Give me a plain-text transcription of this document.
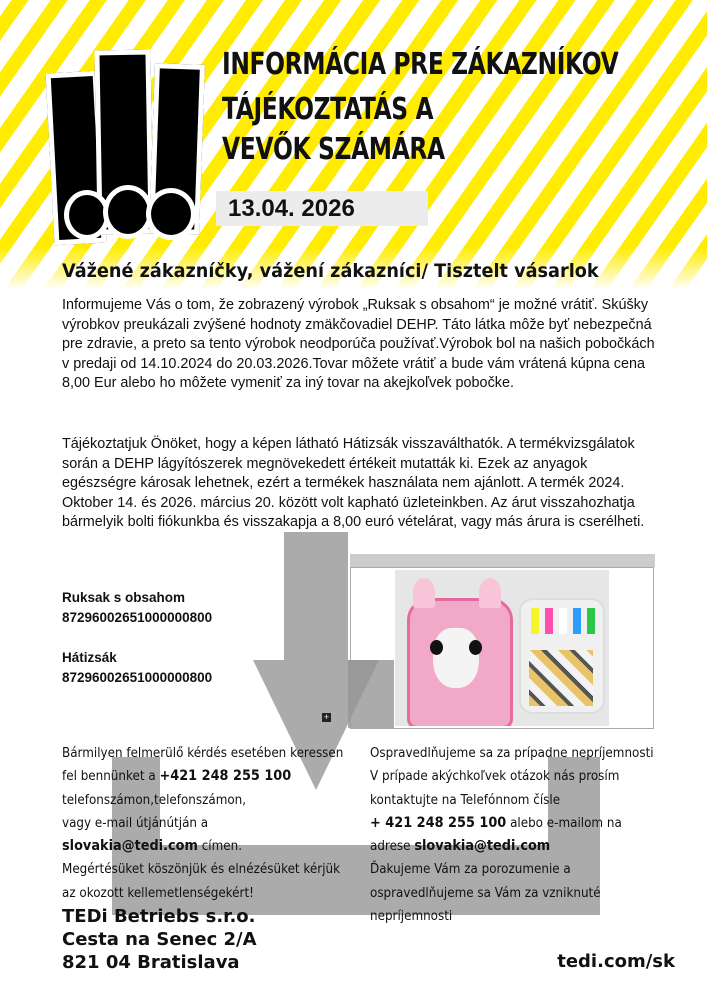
INFORMÁCIA PRE ZÁKAZNÍKOV
TÁJÉKOZTATÁS A
VEVŐK SZÁMÁRA
13.04. 2026
Vážené zákazníčky, vážení zákazníci/ Tisztelt vásarlok
Informujeme Vás o tom, že zobrazený výrobok „Ruksak s obsahom“ je možné vrátiť. Skúšky výrobkov preukázali zvýšené hodnoty zmäkčovadiel DEHP. Táto látka môže byť nebezpečná pre zdravie, a preto sa tento výrobok neodporúča používať.Výrobok bol na našich pobočkách v predaji od 14.10.2024 do 20.03.2026.Tovar môžete vrátiť a bude vám vrátená kúpna cena 8,00 Eur alebo ho môžete vymeniť za iný tovar na akejkoľvek pobočke.
Tájékoztatjuk Önöket, hogy a képen látható Hátizsák visszaválthatók. A termékvizsgálatok során a DEHP lágyítószerek megnövekedett értékeit mutatták ki. Ezek az anyagok egészségre károsak lehetnek, ezért a termékek használata nem ajánlott. A termék 2024. Oktober 14. és 2026. március 20. között volt kapható üzleteinkben. Az árut visszahozhatja bármelyik bolti fiókunkba és visszakapja a 8,00 euró vételárat, vagy más árura is cserélheti.
Ruksak s obsahom
87296002651000000800
Hátizsák
87296002651000000800
+
Bármilyen felmerülő kérdés esetében keressen
fel bennünket a +421 248 255 100
telefonszámon,telefonszámon,
vagy e-mail útjánútján a
slovakia@tedi.com címen.
Megértésüket köszönjük és elnézésüket kérjük
az okozott kellemetlenségekért!
Ospravedlňujeme sa za prípadne nepríjemnosti
V prípade akýchkoľvek otázok nás prosím
kontaktujte na Telefónnom čísle
+ 421 248 255 100 alebo e-mailom na
adrese slovakia@tedi.com
Ďakujeme Vám za porozumenie a
ospravedlňujeme sa Vám za vzniknuté
nepríjemnosti
TEDi Betriebs s.r.o.
Cesta na Senec 2/A
821 04 Bratislava	tedi.com/sk
